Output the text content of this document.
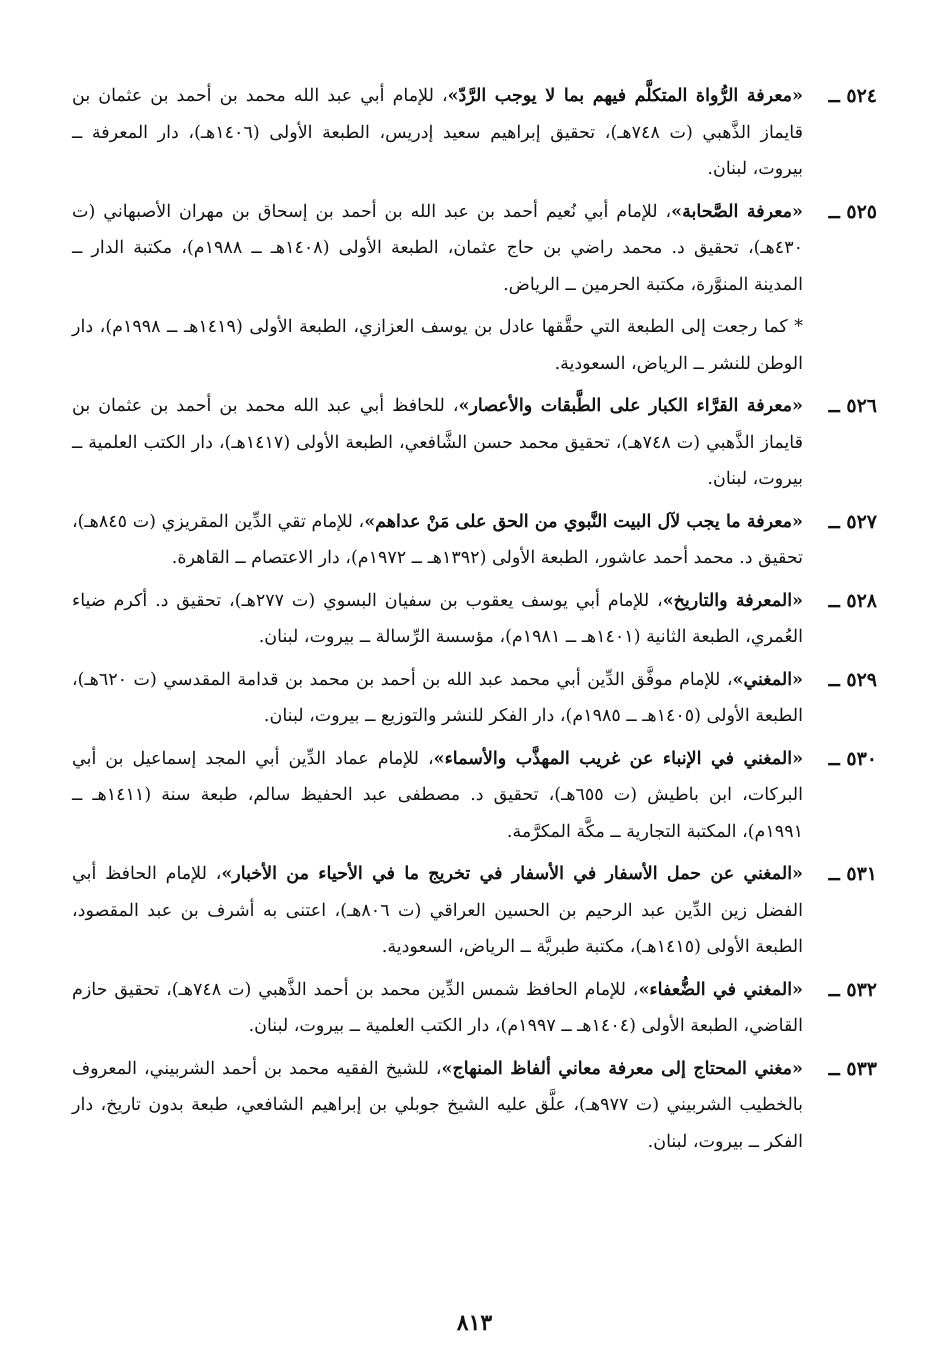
٥٢٤ ــ
«معرفة الرُّواة المتكلَّم فيهم بما لا يوجب الرَّدّ»، للإمام أبي عبد الله محمد بن أحمد بن عثمان بن قايماز الذَّهبي (ت ٧٤٨هـ)، تحقيق إبراهيم سعيد إدريس، الطبعة الأولى (١٤٠٦هـ)، دار المعرفة ــ بيروت، لبنان.
٥٢٥ ــ
«معرفة الصَّحابة»، للإمام أبي نُعيم أحمد بن عبد الله بن أحمد بن إسحاق بن مهران الأصبهاني (ت ٤٣٠هـ)، تحقيق د. محمد راضي بن حاج عثمان، الطبعة الأولى (١٤٠٨هـ ــ ١٩٨٨م)، مكتبة الدار ــ المدينة المنوَّرة، مكتبة الحرمين ــ الرياض.
* كما رجعت إلى الطبعة التي حقَّقها عادل بن يوسف العزازي، الطبعة الأولى (١٤١٩هـ ــ ١٩٩٨م)، دار الوطن للنشر ــ الرياض، السعودية.
٥٢٦ ــ
«معرفة القرَّاء الكبار على الطَّبقات والأعصار»، للحافظ أبي عبد الله محمد بن أحمد بن عثمان بن قايماز الذَّهبي (ت ٧٤٨هـ)، تحقيق محمد حسن الشَّافعي، الطبعة الأولى (١٤١٧هـ)، دار الكتب العلمية ــ بيروت، لبنان.
٥٢٧ ــ
«معرفة ما يجب لآل البيت النَّبوي من الحق على مَنْ عداهم»، للإمام تقي الدِّين المقريزي (ت ٨٤٥هـ)، تحقيق د. محمد أحمد عاشور، الطبعة الأولى (١٣٩٢هـ ــ ١٩٧٢م)، دار الاعتصام ــ القاهرة.
٥٢٨ ــ
«المعرفة والتاريخ»، للإمام أبي يوسف يعقوب بن سفيان البسوي (ت ٢٧٧هـ)، تحقيق د. أكرم ضياء العُمري، الطبعة الثانية (١٤٠١هـ ــ ١٩٨١م)، مؤسسة الرِّسالة ــ بيروت، لبنان.
٥٢٩ ــ
«المغني»، للإمام موفَّق الدِّين أبي محمد عبد الله بن أحمد بن محمد بن قدامة المقدسي (ت ٦٢٠هـ)، الطبعة الأولى (١٤٠٥هـ ــ ١٩٨٥م)، دار الفكر للنشر والتوزيع ــ بيروت، لبنان.
٥٣٠ ــ
«المغني في الإنباء عن غريب المهذَّب والأسماء»، للإمام عماد الدِّين أبي المجد إسماعيل بن أبي البركات، ابن باطيش (ت ٦٥٥هـ)، تحقيق د. مصطفى عبد الحفيظ سالم، طبعة سنة (١٤١١هـ ــ ١٩٩١م)، المكتبة التجارية ــ مكَّة المكرَّمة.
٥٣١ ــ
«المغني عن حمل الأسفار في الأسفار في تخريج ما في الأحياء من الأخبار»، للإمام الحافظ أبي الفضل زين الدِّين عبد الرحيم بن الحسين العراقي (ت ٨٠٦هـ)، اعتنى به أشرف بن عبد المقصود، الطبعة الأولى (١٤١٥هـ)، مكتبة طبريَّة ــ الرياض، السعودية.
٥٣٢ ــ
«المغني في الضُّعفاء»، للإمام الحافظ شمس الدِّين محمد بن أحمد الذَّهبي (ت ٧٤٨هـ)، تحقيق حازم القاضي، الطبعة الأولى (١٤٠٤هـ ــ ١٩٩٧م)، دار الكتب العلمية ــ بيروت، لبنان.
٥٣٣ ــ
«مغني المحتاج إلى معرفة معاني ألفاظ المنهاج»، للشيخ الفقيه محمد بن أحمد الشربيني، المعروف بالخطيب الشربيني (ت ٩٧٧هـ)، علَّق عليه الشيخ جوبلي بن إبراهيم الشافعي، طبعة بدون تاريخ، دار الفكر ــ بيروت، لبنان.
٨١٣
